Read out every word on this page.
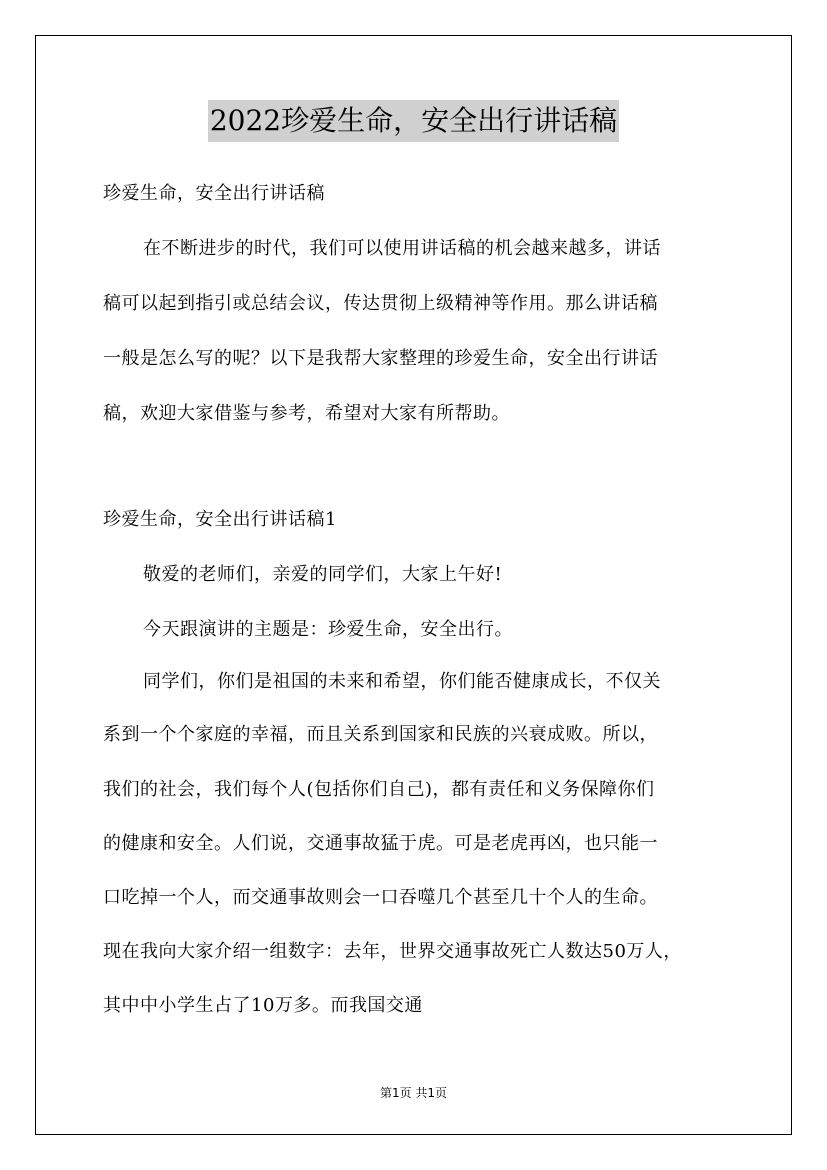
2022珍爱生命，安全出行讲话稿
珍爱生命，安全出行讲话稿
在不断进步的时代，我们可以使用讲话稿的机会越来越多，讲话
稿可以起到指引或总结会议，传达贯彻上级精神等作用。那么讲话稿
一般是怎么写的呢？以下是我帮大家整理的珍爱生命，安全出行讲话
稿，欢迎大家借鉴与参考，希望对大家有所帮助。
珍爱生命，安全出行讲话稿1
敬爱的老师们，亲爱的同学们，大家上午好!
今天跟演讲的主题是：珍爱生命，安全出行。
同学们，你们是祖国的未来和希望，你们能否健康成长，不仅关
系到一个个家庭的幸福，而且关系到国家和民族的兴衰成败。所以，
我们的社会，我们每个人(包括你们自己)，都有责任和义务保障你们
的健康和安全。人们说，交通事故猛于虎。可是老虎再凶，也只能一
口吃掉一个人，而交通事故则会一口吞噬几个甚至几十个人的生命。
现在我向大家介绍一组数字：去年，世界交通事故死亡人数达50万人，
其中中小学生占了10万多。而我国交通
第1页 共1页
